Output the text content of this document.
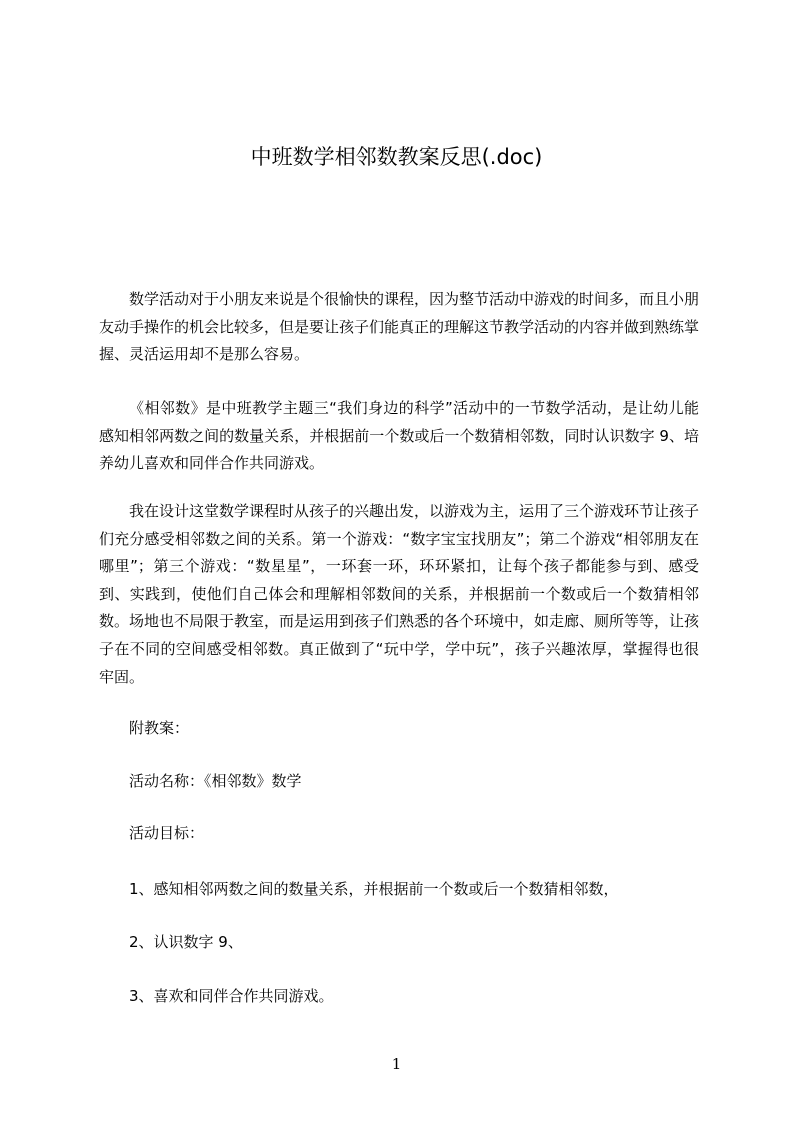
中班数学相邻数教案反思(.doc)

数学活动对于小朋友来说是个很愉快的课程，因为整节活动中游戏的时间多，而且小朋友动手操作的机会比较多，但是要让孩子们能真正的理解这节教学活动的内容并做到熟练掌握、灵活运用却不是那么容易。

《相邻数》是中班教学主题三“我们身边的科学”活动中的一节数学活动，是让幼儿能感知相邻两数之间的数量关系，并根据前一个数或后一个数猜相邻数，同时认识数字 9、培养幼儿喜欢和同伴合作共同游戏。

我在设计这堂数学课程时从孩子的兴趣出发，以游戏为主，运用了三个游戏环节让孩子们充分感受相邻数之间的关系。第一个游戏：“数字宝宝找朋友”；第二个游戏“相邻朋友在哪里”；第三个游戏：“数星星”，一环套一环，环环紧扣，让每个孩子都能参与到、感受到、实践到，使他们自己体会和理解相邻数间的关系，并根据前一个数或后一个数猜相邻数。场地也不局限于教室，而是运用到孩子们熟悉的各个环境中，如走廊、厕所等等，让孩子在不同的空间感受相邻数。真正做到了“玩中学，学中玩”，孩子兴趣浓厚，掌握得也很牢固。

附教案：

活动名称：《相邻数》数学

活动目标：

1、感知相邻两数之间的数量关系，并根据前一个数或后一个数猜相邻数，

2、认识数字 9、

3、喜欢和同伴合作共同游戏。

1
